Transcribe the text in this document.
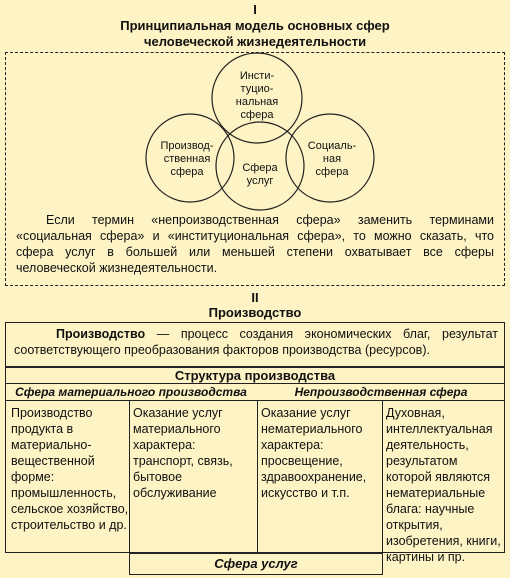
I
Принципиальная модель основных сфер
человеческой жизнедеятельности
Инсти-
туцио-
нальная
сфера
Производ-
ственная
сфера	Сфера
услуг
Социаль-
ная
сфера
Если термин «непроизводственная сфера» заменить терминами «социальная сфера» и «институциональная сфера», то можно сказать, что сфера услуг в большей или меньшей степени охватывает все сферы человеческой жизнедеятельности.
II
Производство
Производство — процесс создания экономических благ, результат соответствующего преобразования факторов производства (ресурсов).
Структура производства
Сфера материального производства	Непроизводственная сфера
Производство продукта в материально-вещественной форме: промышленность, сельское хозяйство, строительство и др.
Оказание услуг материального характера: транспорт, связь, бытовое обслуживание
Оказание услуг нематериального характера: просвещение, здравоохранение, искусство и т.п.
Духовная, интеллектуальная деятельность, результатом которой являются нематериальные блага: научные открытия, изобретения, книги, картины и пр.
Сфера услуг
